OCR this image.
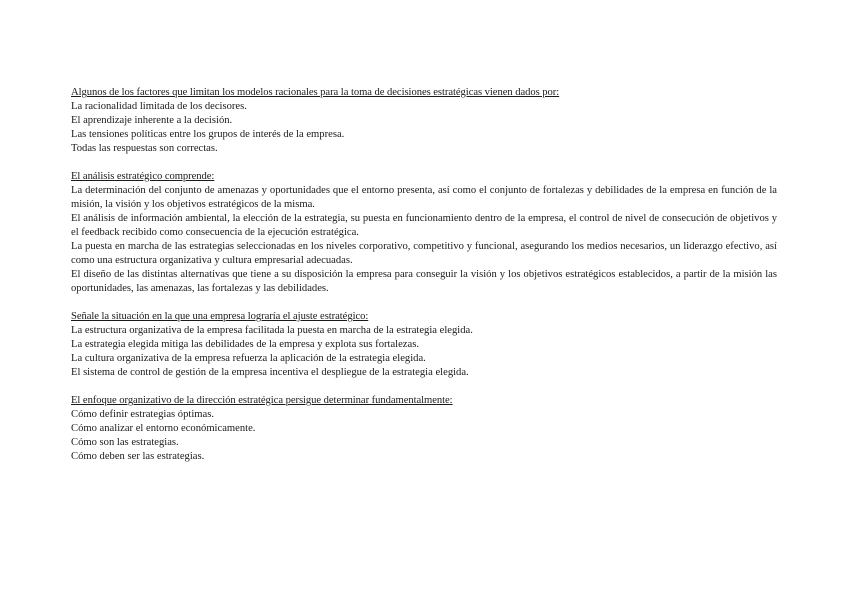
Algunos de los factores que limitan los modelos racionales para la toma de decisiones estratégicas vienen dados por:
La racionalidad limitada de los decisores.
El aprendizaje inherente a la decisión.
Las tensiones políticas entre los grupos de interés de la empresa.
Todas las respuestas son correctas.
El análisis estratégico comprende:
La determinación del conjunto de amenazas y oportunidades que el entorno presenta, así como el conjunto de fortalezas y debilidades de la empresa en función de la misión, la visión y los objetivos estratégicos de la misma.
El análisis de información ambiental, la elección de la estrategia, su puesta en funcionamiento dentro de la empresa, el control de nivel de consecución de objetivos y el feedback recibido como consecuencia de la ejecución estratégica.
La puesta en marcha de las estrategias seleccionadas en los niveles corporativo, competitivo y funcional, asegurando los medios necesarios, un liderazgo efectivo, así como una estructura organizativa y cultura empresarial adecuadas.
El diseño de las distintas alternativas que tiene a su disposición la empresa para conseguir la visión y los objetivos estratégicos establecidos, a partir de la misión las oportunidades, las amenazas, las fortalezas y las debilidades.
Señale la situación en la que una empresa lograría el ajuste estratégico:
La estructura organizativa de la empresa facilitada la puesta en marcha de la estrategia elegida.
La estrategia elegida mitiga las debilidades de la empresa y explota sus fortalezas.
La cultura organizativa de la empresa refuerza la aplicación de la estrategia elegida.
El sistema de control de gestión de la empresa incentiva el despliegue de la estrategia elegida.
El enfoque organizativo de la dirección estratégica persigue determinar fundamentalmente:
Cómo definir estrategias óptimas.
Cómo analizar el entorno económicamente.
Cómo son las estrategias.
Cómo deben ser las estrategias.
